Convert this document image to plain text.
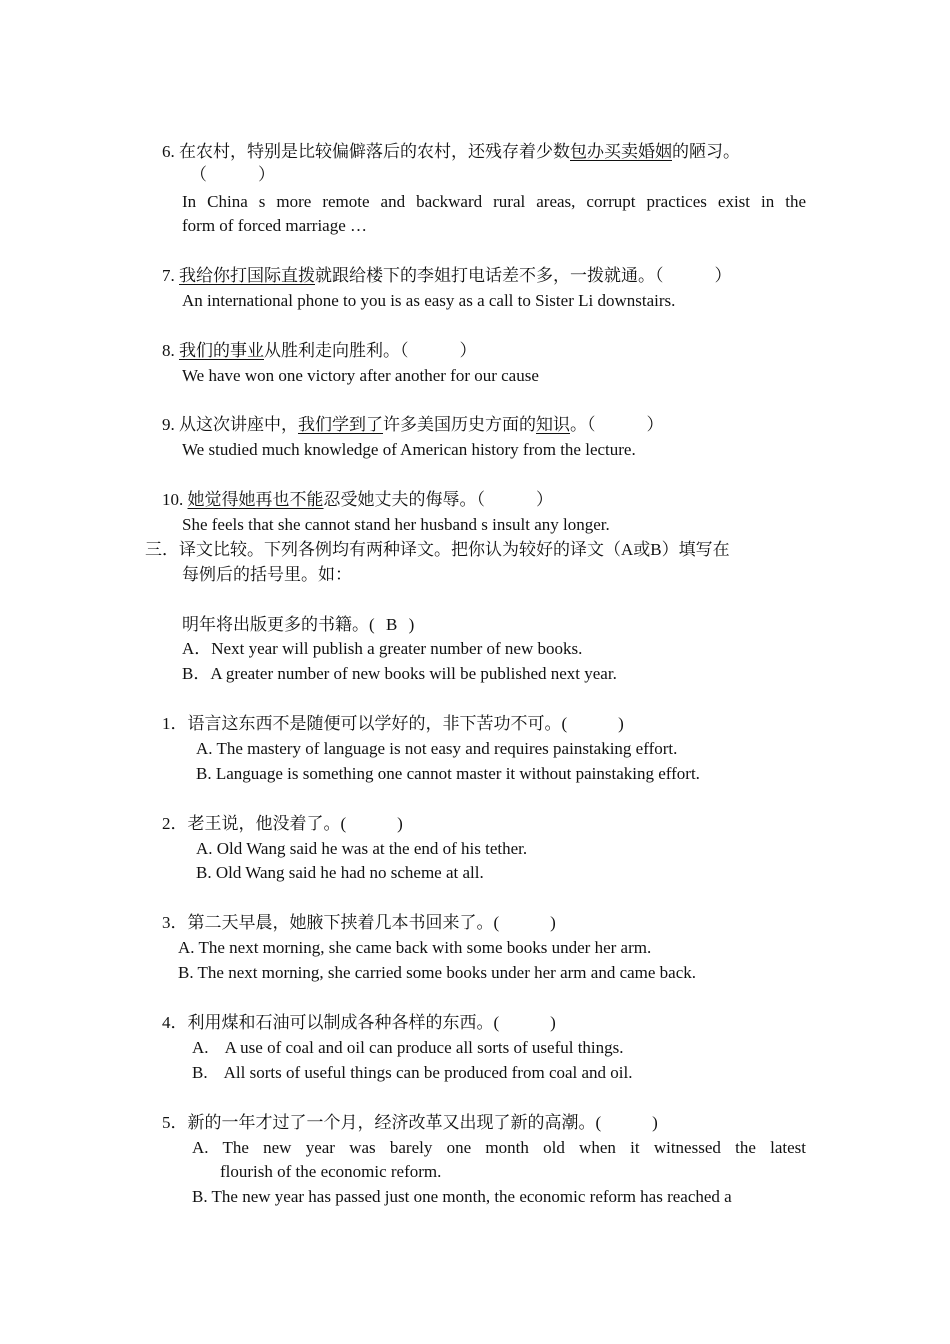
6. 在农村，特别是比较偏僻落后的农村，还残存着少数包办买卖婚姻的陋习。
（　　　）
In China s more remote and backward rural areas, corrupt practices exist in the
form of forced marriage …
7. 我给你打国际直拨就跟给楼下的李姐打电话差不多，一拨就通。（　　　）
An international phone to you is as easy as a call to Sister Li downstairs.
8. 我们的事业从胜利走向胜利。（　　　）
We have won one victory after another for our cause
9. 从这次讲座中，我们学到了许多美国历史方面的知识。（　　　）
We studied much knowledge of American history from the lecture.
10. 她觉得她再也不能忍受她丈夫的侮辱。（　　　）
She feels that she cannot stand her husband s insult any longer.
三．译文比较。下列各例均有两种译文。把你认为较好的译文（A或B）填写在
每例后的括号里。如：
明年将出版更多的书籍。( B )
A．Next year will publish a greater number of new books.
B．A greater number of new books will be published next year.
1．语言这东西不是随便可以学好的，非下苦功不可。(　　　)
A. The mastery of language is not easy and requires painstaking effort.
B. Language is something one cannot master it without painstaking effort.
2．老王说，他没着了。(　　　)
A. Old Wang said he was at the end of his tether.
B. Old Wang said he had no scheme at all.
3．第二天早晨，她腋下挟着几本书回来了。(　　　)
A. The next morning, she came back with some books under her arm.
B. The next morning, she carried some books under her arm and came back.
4．利用煤和石油可以制成各种各样的东西。(　　　)
A.    A use of coal and oil can produce all sorts of useful things.
B.    All sorts of useful things can be produced from coal and oil.
5．新的一年才过了一个月，经济改革又出现了新的高潮。(　　　)
A. The new year was barely one month old when it witnessed the latest
flourish of the economic reform.
B. The new year has passed just one month, the economic reform has reached a
